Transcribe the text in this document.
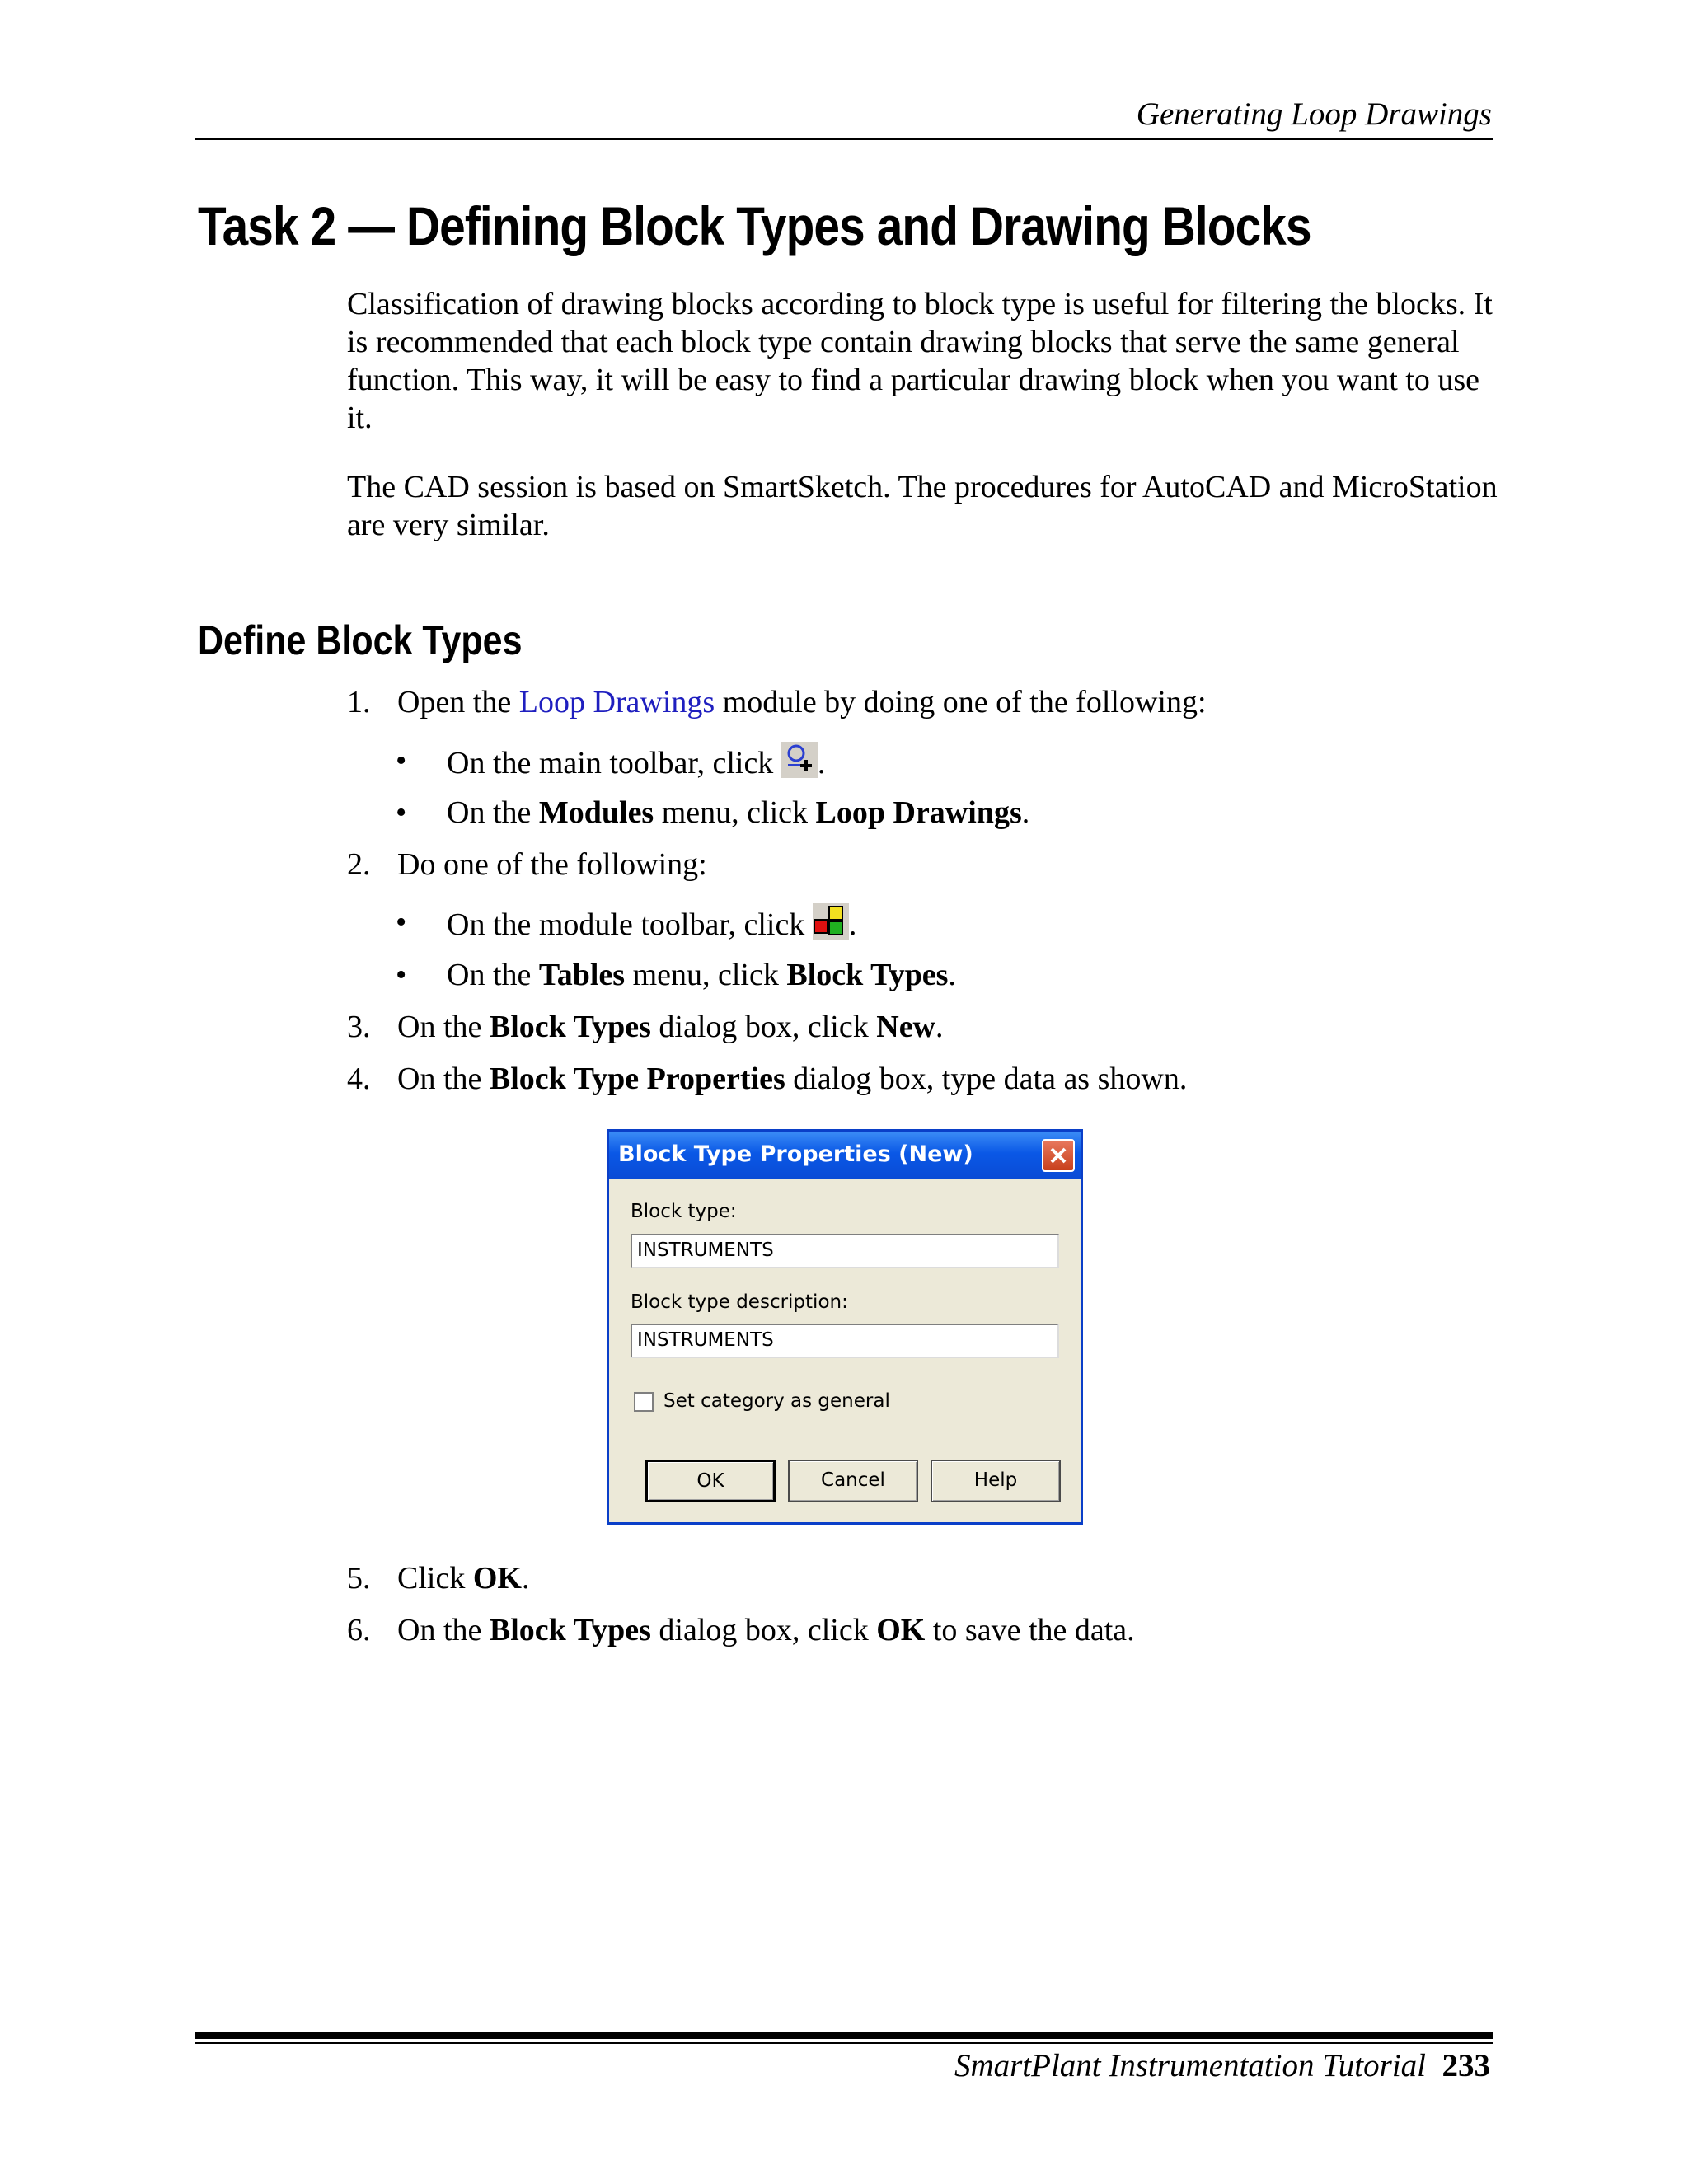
Generating Loop Drawings
Task 2 — Defining Block Types and Drawing Blocks
Classification of drawing blocks according to block type is useful for filtering the blocks. It is recommended that each block type contain drawing blocks that serve the same general function. This way, it will be easy to find a particular drawing block when you want to use it.
The CAD session is based on SmartSketch. The procedures for AutoCAD and MicroStation are very similar.
Define Block Types
1. Open the Loop Drawings module by doing one of the following:
• On the main toolbar, click .
• On the Modules menu, click Loop Drawings.
2. Do one of the following:
• On the module toolbar, click .
• On the Tables menu, click Block Types.
3. On the Block Types dialog box, click New.
4. On the Block Type Properties dialog box, type data as shown.
Block Type Properties (New)
Block type:
INSTRUMENTS
Block type description:
INSTRUMENTS
Set category as general
OK	Cancel	Help
5. Click OK.
6. On the Block Types dialog box, click OK to save the data.
SmartPlant Instrumentation Tutorial 233
